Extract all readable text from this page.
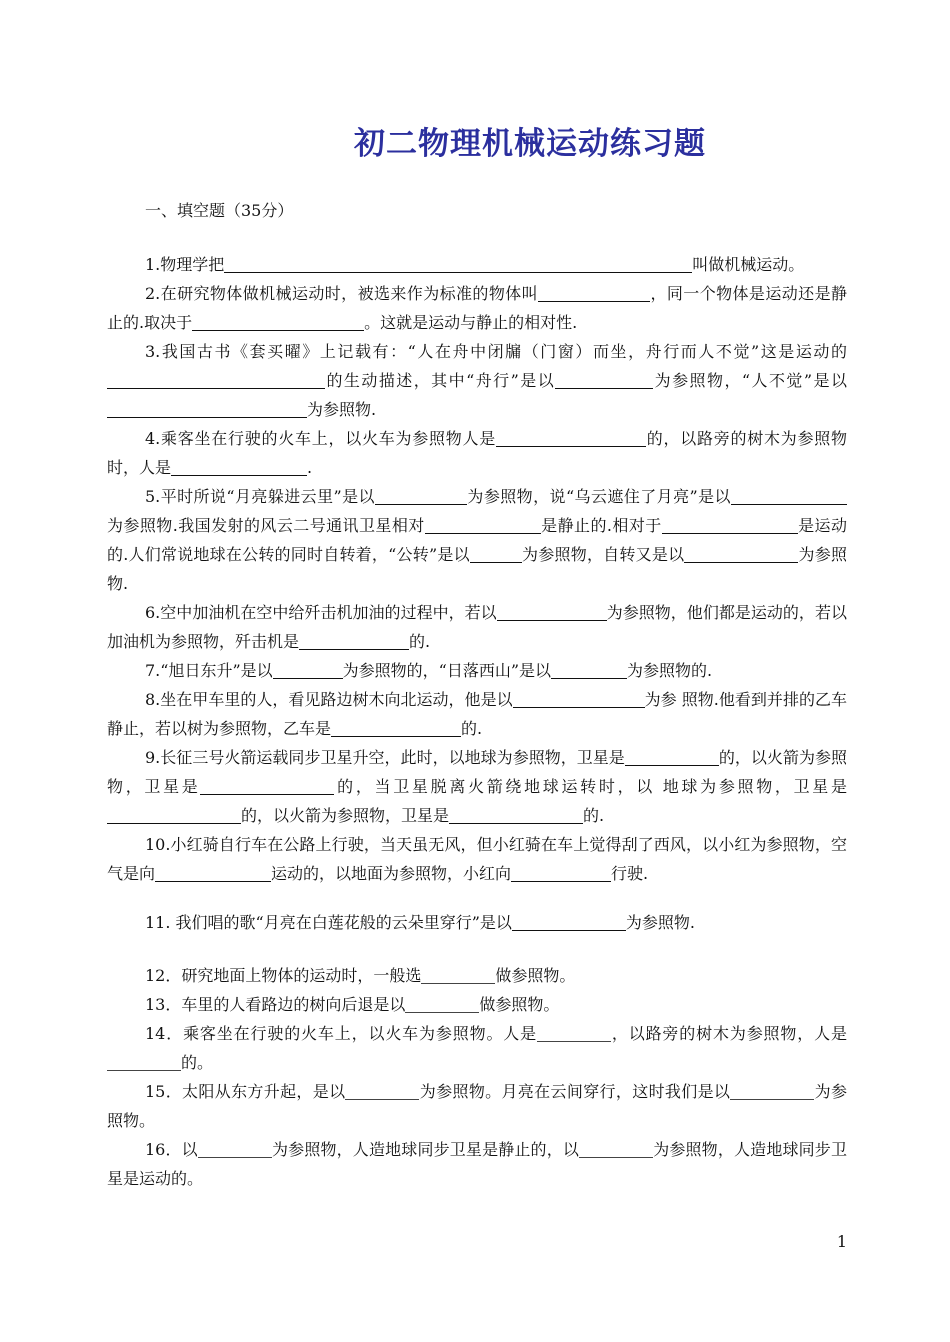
初二物理机械运动练习题
一、填空题（35分）

1.物理学把	叫做机械运动。

2.在研究物体做机械运动时，被选来作为标准的物体叫	，同一个物体是运动还是静止的.取决于	。这就是运动与静止的相对性.

3.我国古书《套买曜》上记载有：“人在舟中闭牖（门窗）而坐，舟行而人不觉”这是运动的的生动描述，其中“舟行”是以	为参照物，“人不觉”是以为参照物.

4.乘客坐在行驶的火车上，以火车为参照物人是	的，以路旁的树木为参照物时，人是	.

5.平时所说“月亮躲进云里”是以	为参照物，说“乌云遮住了月亮”是以为参照物.我国发射的风云二号通讯卫星相对	是静止的.相对于	是运动的.人们常说地球在公转的同时自转着，“公转”是以	为参照物，自转又是以	为参照物.

6.空中加油机在空中给歼击机加油的过程中，若以	为参照物，他们都是运动的，若以加油机为参照物，歼击机是	的.

7.“旭日东升”是以	为参照物的，“日落西山”是以	为参照物的.

8.坐在甲车里的人，看见路边树木向北运动，他是以	为参 照物.他看到并排的乙车静止，若以树为参照物，乙车是	的.

9.长征三号火箭运载同步卫星升空，此时，以地球为参照物，卫星是	的，以火箭为参照物，卫星是	的，当卫星脱离火箭绕地球运转时，以 地球为参照物，卫星是的，以火箭为参照物，卫星是	的.

10.小红骑自行车在公路上行驶，当天虽无风，但小红骑在车上觉得刮了西风，以小红为参照物，空气是向	运动的，以地面为参照物，小红向	行驶.

11. 我们唱的歌“月亮在白莲花般的云朵里穿行”是以	为参照物.

12．研究地面上物体的运动时，一般选	做参照物。

13．车里的人看路边的树向后退是以	做参照物。

14．乘客坐在行驶的火车上，以火车为参照物。人是	，以路旁的树木为参照物，人是的。

15．太阳从东方升起，是以	为参照物。月亮在云间穿行，这时我们是以	为参照物。

16．以	为参照物，人造地球同步卫星是静止的，以	为参照物，人造地球同步卫星是运动的。

1
